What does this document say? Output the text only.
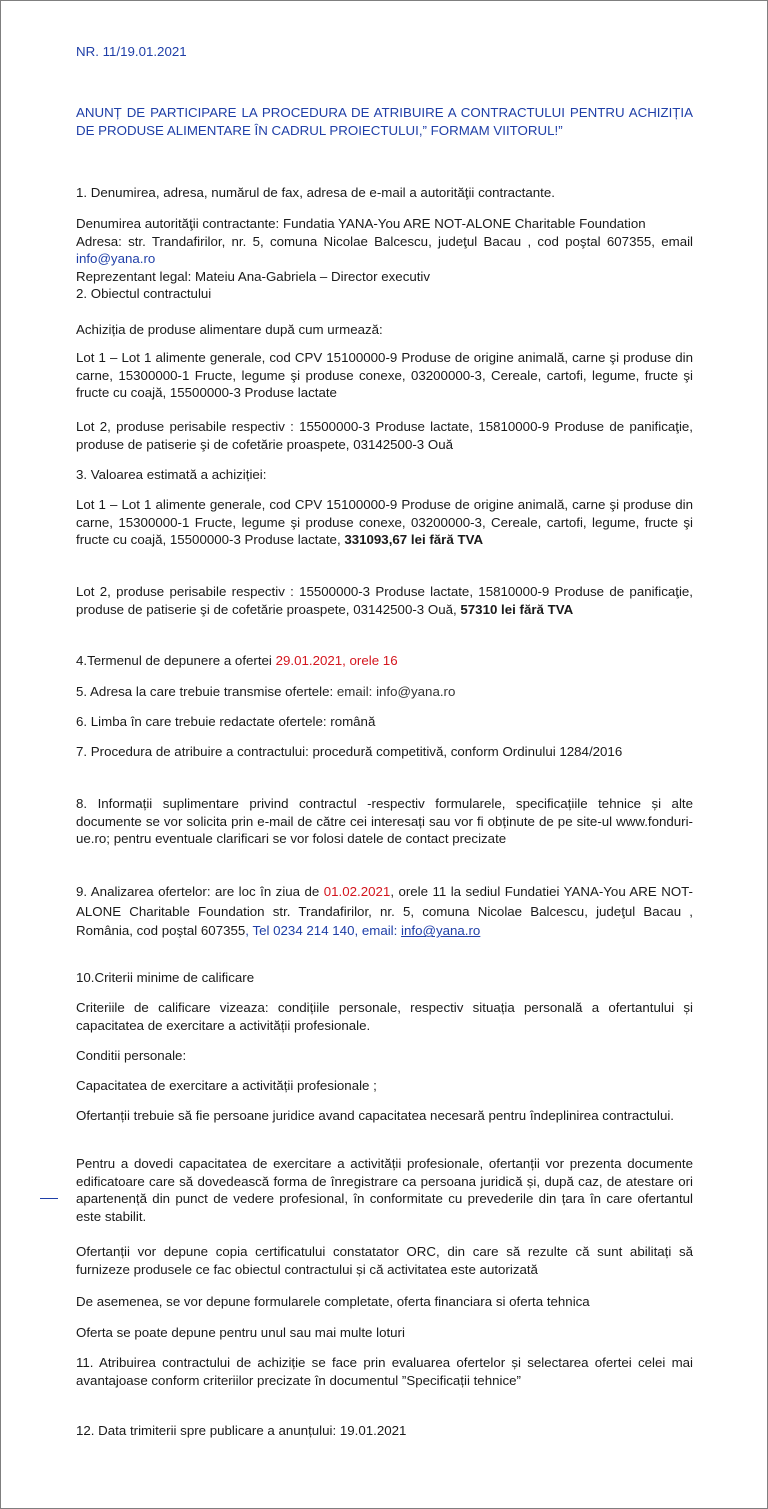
NR. 11/19.01.2021

ANUNȚ DE PARTICIPARE LA PROCEDURA DE ATRIBUIRE A CONTRACTULUI PENTRU ACHIZIȚIA DE PRODUSE ALIMENTARE ÎN CADRUL PROIECTULUI,” FORMAM VIITORUL!”

1. Denumirea, adresa, numărul de fax, adresa de e-mail a autorităţii contractante.

Denumirea autorităţii contractante: Fundatia YANA-You ARE NOT-ALONE Charitable Foundation

Adresa: str. Trandafirilor, nr. 5, comuna Nicolae Balcescu, judeţul Bacau , cod poştal 607355, email info@yana.ro

Reprezentant legal: Mateiu Ana-Gabriela – Director executiv

2. Obiectul contractului

Achiziția de produse alimentare după cum urmează:

Lot 1 – Lot 1 alimente generale, cod CPV 15100000-9 Produse de origine animală, carne şi produse din carne, 15300000-1 Fructe, legume şi produse conexe, 03200000-3, Cereale, cartofi, legume, fructe şi fructe cu coajă, 15500000-3 Produse lactate

Lot 2, produse perisabile respectiv : 15500000-3 Produse lactate, 15810000-9 Produse de panificaţie, produse de patiserie şi de cofetărie proaspete, 03142500-3 Ouă

3. Valoarea estimată a achiziției:

Lot 1 – Lot 1 alimente generale, cod CPV 15100000-9 Produse de origine animală, carne şi produse din carne, 15300000-1 Fructe, legume şi produse conexe, 03200000-3, Cereale, cartofi, legume, fructe şi fructe cu coajă, 15500000-3 Produse lactate, 331093,67 lei fără TVA

Lot 2, produse perisabile respectiv : 15500000-3 Produse lactate, 15810000-9 Produse de panificaţie, produse de patiserie şi de cofetărie proaspete, 03142500-3 Ouă, 57310 lei fără TVA

4.Termenul de depunere a ofertei 29.01.2021, orele 16

5. Adresa la care trebuie transmise ofertele: email: info@yana.ro

6. Limba în care trebuie redactate ofertele: română

7. Procedura de atribuire a contractului: procedură competitivă, conform Ordinului 1284/2016

8. Informații suplimentare privind contractul -respectiv formularele, specificațiile tehnice și alte documente se vor solicita prin e-mail de către cei interesați sau vor fi obținute de pe site-ul www.fonduri-ue.ro; pentru eventuale clarificari se vor folosi datele de contact precizate

9. Analizarea ofertelor: are loc în ziua de 01.02.2021, orele 11 la sediul Fundatiei YANA-You ARE NOT-ALONE Charitable Foundation str. Trandafirilor, nr. 5, comuna Nicolae Balcescu, judeţul Bacau , România, cod poştal 607355, Tel 0234 214 140, email: info@yana.ro

10.Criterii minime de calificare

Criteriile de calificare vizeaza: condițiile personale, respectiv situația personală a ofertantului și capacitatea de exercitare a activității profesionale.

Conditii personale:

Capacitatea de exercitare a activității profesionale ;

Ofertanții trebuie să fie persoane juridice avand capacitatea necesară pentru îndeplinirea contractului.

Pentru a dovedi capacitatea de exercitare a activității profesionale, ofertanții vor prezenta documente edificatoare care să dovedească forma de înregistrare ca persoana juridică și, după caz, de atestare ori apartenență din punct de vedere profesional, în conformitate cu prevederile din țara în care ofertantul este stabilit.

Ofertanții vor depune copia certificatului constatator ORC, din care să rezulte că sunt abilitați să furnizeze produsele ce fac obiectul contractului și că activitatea este autorizată

De asemenea, se vor depune formularele completate, oferta financiara si oferta tehnica

Oferta se poate depune pentru unul sau mai multe loturi

11. Atribuirea contractului de achiziție se face prin evaluarea ofertelor și selectarea ofertei celei mai avantajoase conform criteriilor precizate în documentul ”Specificații tehnice”

12. Data trimiterii spre publicare a anunțului: 19.01.2021
